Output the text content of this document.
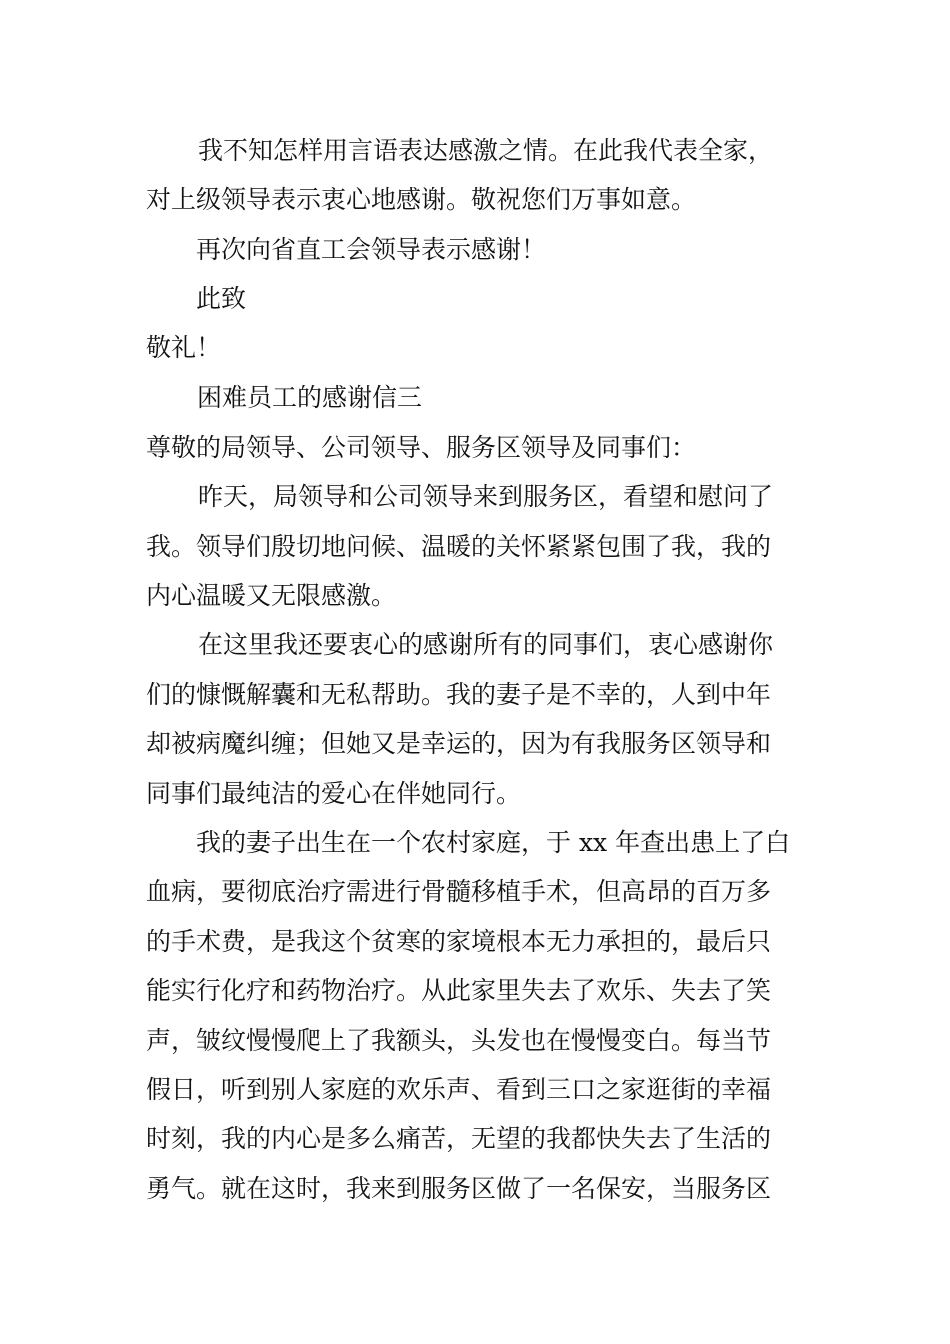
我不知怎样用言语表达感激之情。在此我代表全家，
对上级领导表示衷心地感谢。敬祝您们万事如意。
再次向省直工会领导表示感谢！
此致
敬礼！
困难员工的感谢信三
尊敬的局领导、公司领导、服务区领导及同事们：
昨天，局领导和公司领导来到服务区，看望和慰问了
我。领导们殷切地问候、温暖的关怀紧紧包围了我，我的
内心温暖又无限感激。
在这里我还要衷心的感谢所有的同事们，衷心感谢你
们的慷慨解囊和无私帮助。我的妻子是不幸的，人到中年
却被病魔纠缠；但她又是幸运的，因为有我服务区领导和
同事们最纯洁的爱心在伴她同行。
我的妻子出生在一个农村家庭，于 xx 年查出患上了白
血病，要彻底治疗需进行骨髓移植手术，但高昂的百万多
的手术费，是我这个贫寒的家境根本无力承担的，最后只
能实行化疗和药物治疗。从此家里失去了欢乐、失去了笑
声，皱纹慢慢爬上了我额头，头发也在慢慢变白。每当节
假日，听到别人家庭的欢乐声、看到三口之家逛街的幸福
时刻，我的内心是多么痛苦，无望的我都快失去了生活的
勇气。就在这时，我来到服务区做了一名保安，当服务区
